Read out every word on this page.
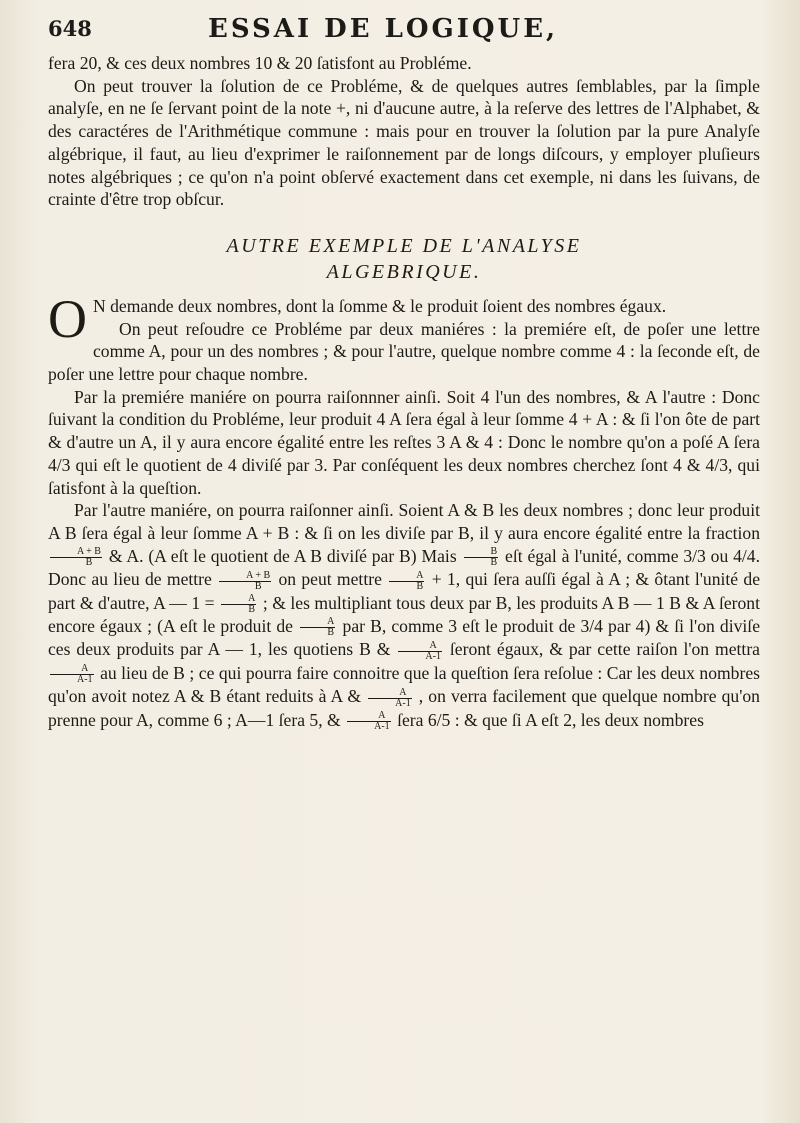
648	ESSAI DE LOGIQUE,

fera 20, & ces deux nombres 10 & 20 ſatisfont au Probléme.

On peut trouver la ſolution de ce Probléme, & de quelques autres ſemblables, par la ſimple analyſe, en ne ſe ſervant point de la note +, ni d'aucune autre, à la reſerve des lettres de l'Alphabet, & des caractéres de l'Arithmétique commune : mais pour en trouver la ſolution par la pure Analyſe algébrique, il faut, au lieu d'exprimer le raiſonnement par de longs diſcours, y employer pluſieurs notes algébriques ; ce qu'on n'a point obſervé exactement dans cet exemple, ni dans les ſuivans, de crainte d'être trop obſcur.

AUTRE EXEMPLE DE L'ANALYSE
ALGEBRIQUE.

O N demande deux nombres, dont la ſomme & le produit ſoient des nombres égaux.

On peut reſoudre ce Probléme par deux maniéres : la premiére eſt, de poſer une lettre comme A, pour un des nombres ; & pour l'autre, quelque nombre comme 4 : la ſeconde eſt, de poſer une lettre pour chaque nombre.

Par la premiére maniére on pourra raiſonnner ainſi. Soit 4 l'un des nombres, & A l'autre : Donc ſuivant la condition du Probléme, leur produit 4 A ſera égal à leur ſomme 4 + A : & ſi l'on ôte de part & d'autre un A, il y aura encore égalité entre les reſtes 3 A & 4 : Donc le nombre qu'on a poſé A ſera 4/3 qui eſt le quotient de 4 diviſé par 3. Par conſéquent les deux nombres cherchez ſont 4 & 4/3, qui ſatisfont à la queſtion.

Par l'autre maniére, on pourra raiſonner ainſi. Soient A & B les deux nombres ; donc leur produit A B ſera égal à leur ſomme A + B : & ſi on les diviſe par B, il y aura encore égalité entre la fraction
$\frac{A + B}{B}$ & A. (A eſt le quotient de A B diviſé par B) Mais $\frac{B}{B}$ eſt égal à l'unité, comme 3/3 ou 4/4. Donc au lieu de mettre $\frac{A + B}{B}$ on peut mettre $\frac{A}{B} + 1$, qui ſera auſſi égal à A ; & ôtant l'unité de part & d'autre, A — $1 = \frac{A}{B}$ ; & les multipliant tous deux par B, les produits A B — 1 B & A ſeront encore égaux ; (A eſt le produit de $\frac{A}{B}$ par B, comme 3 eſt le produit de 3/4 par 4) & ſi l'on diviſe ces deux produits par A — 1, les quotiens B & $\frac{A}{A-1}$ ſeront égaux, & par cette raiſon l'on mettra
$\frac{A}{A-1}$ au lieu de B ; ce qui pourra faire connoitre que la queſtion ſera reſolue : Car les deux nombres qu'on avoit notez A & B étant reduits à A & $\frac{A}{A-1}$ , on verra facilement que quelque nombre qu'on prenne pour A, comme 6 ; A—1 ſera 5, & $\frac{A}{A-1}$ ſera 6/5 : & que ſi A eſt 2, les deux nombres
